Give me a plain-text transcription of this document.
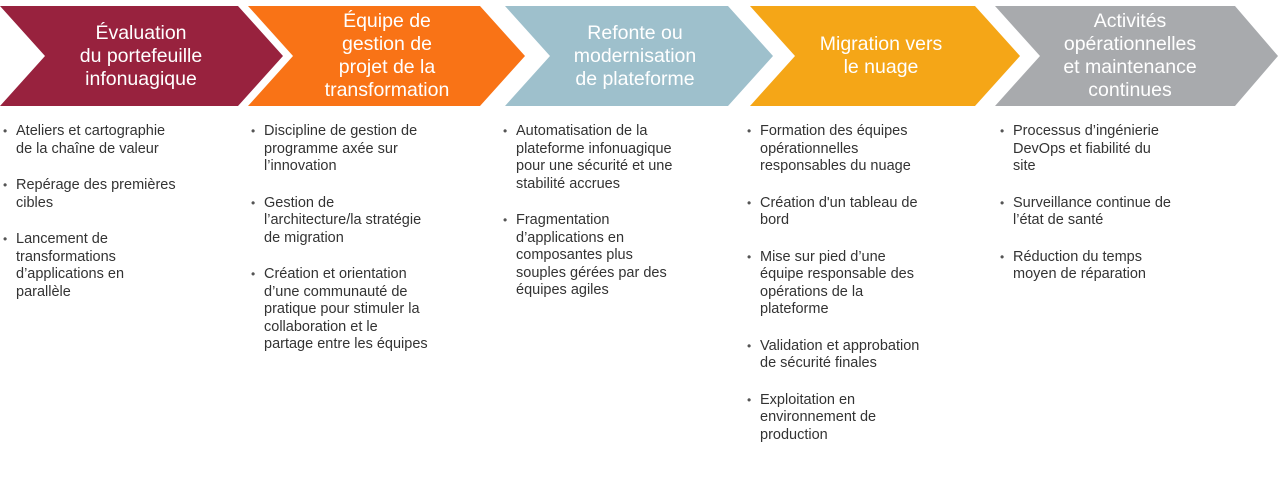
Évaluation
du portefeuille
infonuagique
Équipe de
gestion de
projet de la
transformation
Refonte ou
modernisation
de plateforme
Migration vers
le nuage
Activités
opérationnelles
et maintenance
continues
• Ateliers et cartographie
de la chaîne de valeur
• Repérage des premières
cibles
• Lancement de
transformations
d’applications en
parallèle
• Discipline de gestion de
programme axée sur
l’innovation
• Gestion de
l’architecture/la stratégie
de migration
• Création et orientation
d’une communauté de
pratique pour stimuler la
collaboration et le
partage entre les équipes
• Automatisation de la
plateforme infonuagique
pour une sécurité et une
stabilité accrues
• Fragmentation
d’applications en
composantes plus
souples gérées par des
équipes agiles
• Formation des équipes
opérationnelles
responsables du nuage
• Création d'un tableau de
bord
• Mise sur pied d’une
équipe responsable des
opérations de la
plateforme
• Validation et approbation
de sécurité finales
• Exploitation en
environnement de
production
• Processus d’ingénierie
DevOps et fiabilité du
site
• Surveillance continue de
l’état de santé
• Réduction du temps
moyen de réparation
